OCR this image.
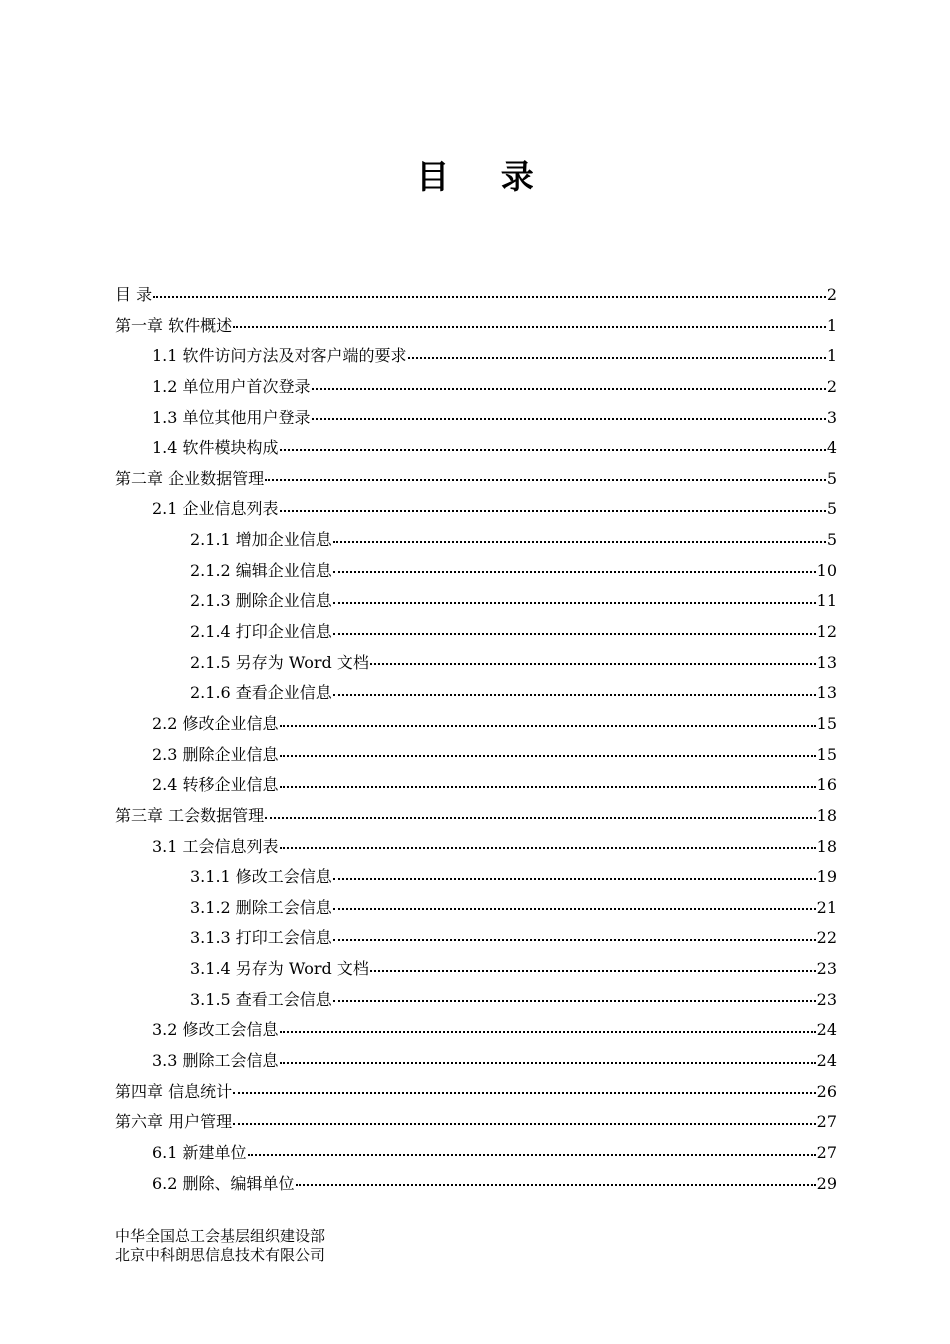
目 录
目 录	2
第一章 软件概述	1
1.1 软件访问方法及对客户端的要求	1
1.2 单位用户首次登录	2
1.3 单位其他用户登录	3
1.4 软件模块构成	4
第二章 企业数据管理	5
2.1 企业信息列表	5
2.1.1 增加企业信息	5
2.1.2 编辑企业信息	10
2.1.3 删除企业信息	11
2.1.4 打印企业信息	12
2.1.5 另存为 Word 文档	13
2.1.6 查看企业信息	13
2.2 修改企业信息	15
2.3 删除企业信息	15
2.4 转移企业信息	16
第三章 工会数据管理	18
3.1 工会信息列表	18
3.1.1 修改工会信息	19
3.1.2 删除工会信息	21
3.1.3 打印工会信息	22
3.1.4 另存为 Word 文档	23
3.1.5 查看工会信息	23
3.2 修改工会信息	24
3.3 删除工会信息	24
第四章 信息统计	26
第六章 用户管理	27
6.1 新建单位	27
6.2 删除、编辑单位	29
中华全国总工会基层组织建设部
北京中科朗思信息技术有限公司
